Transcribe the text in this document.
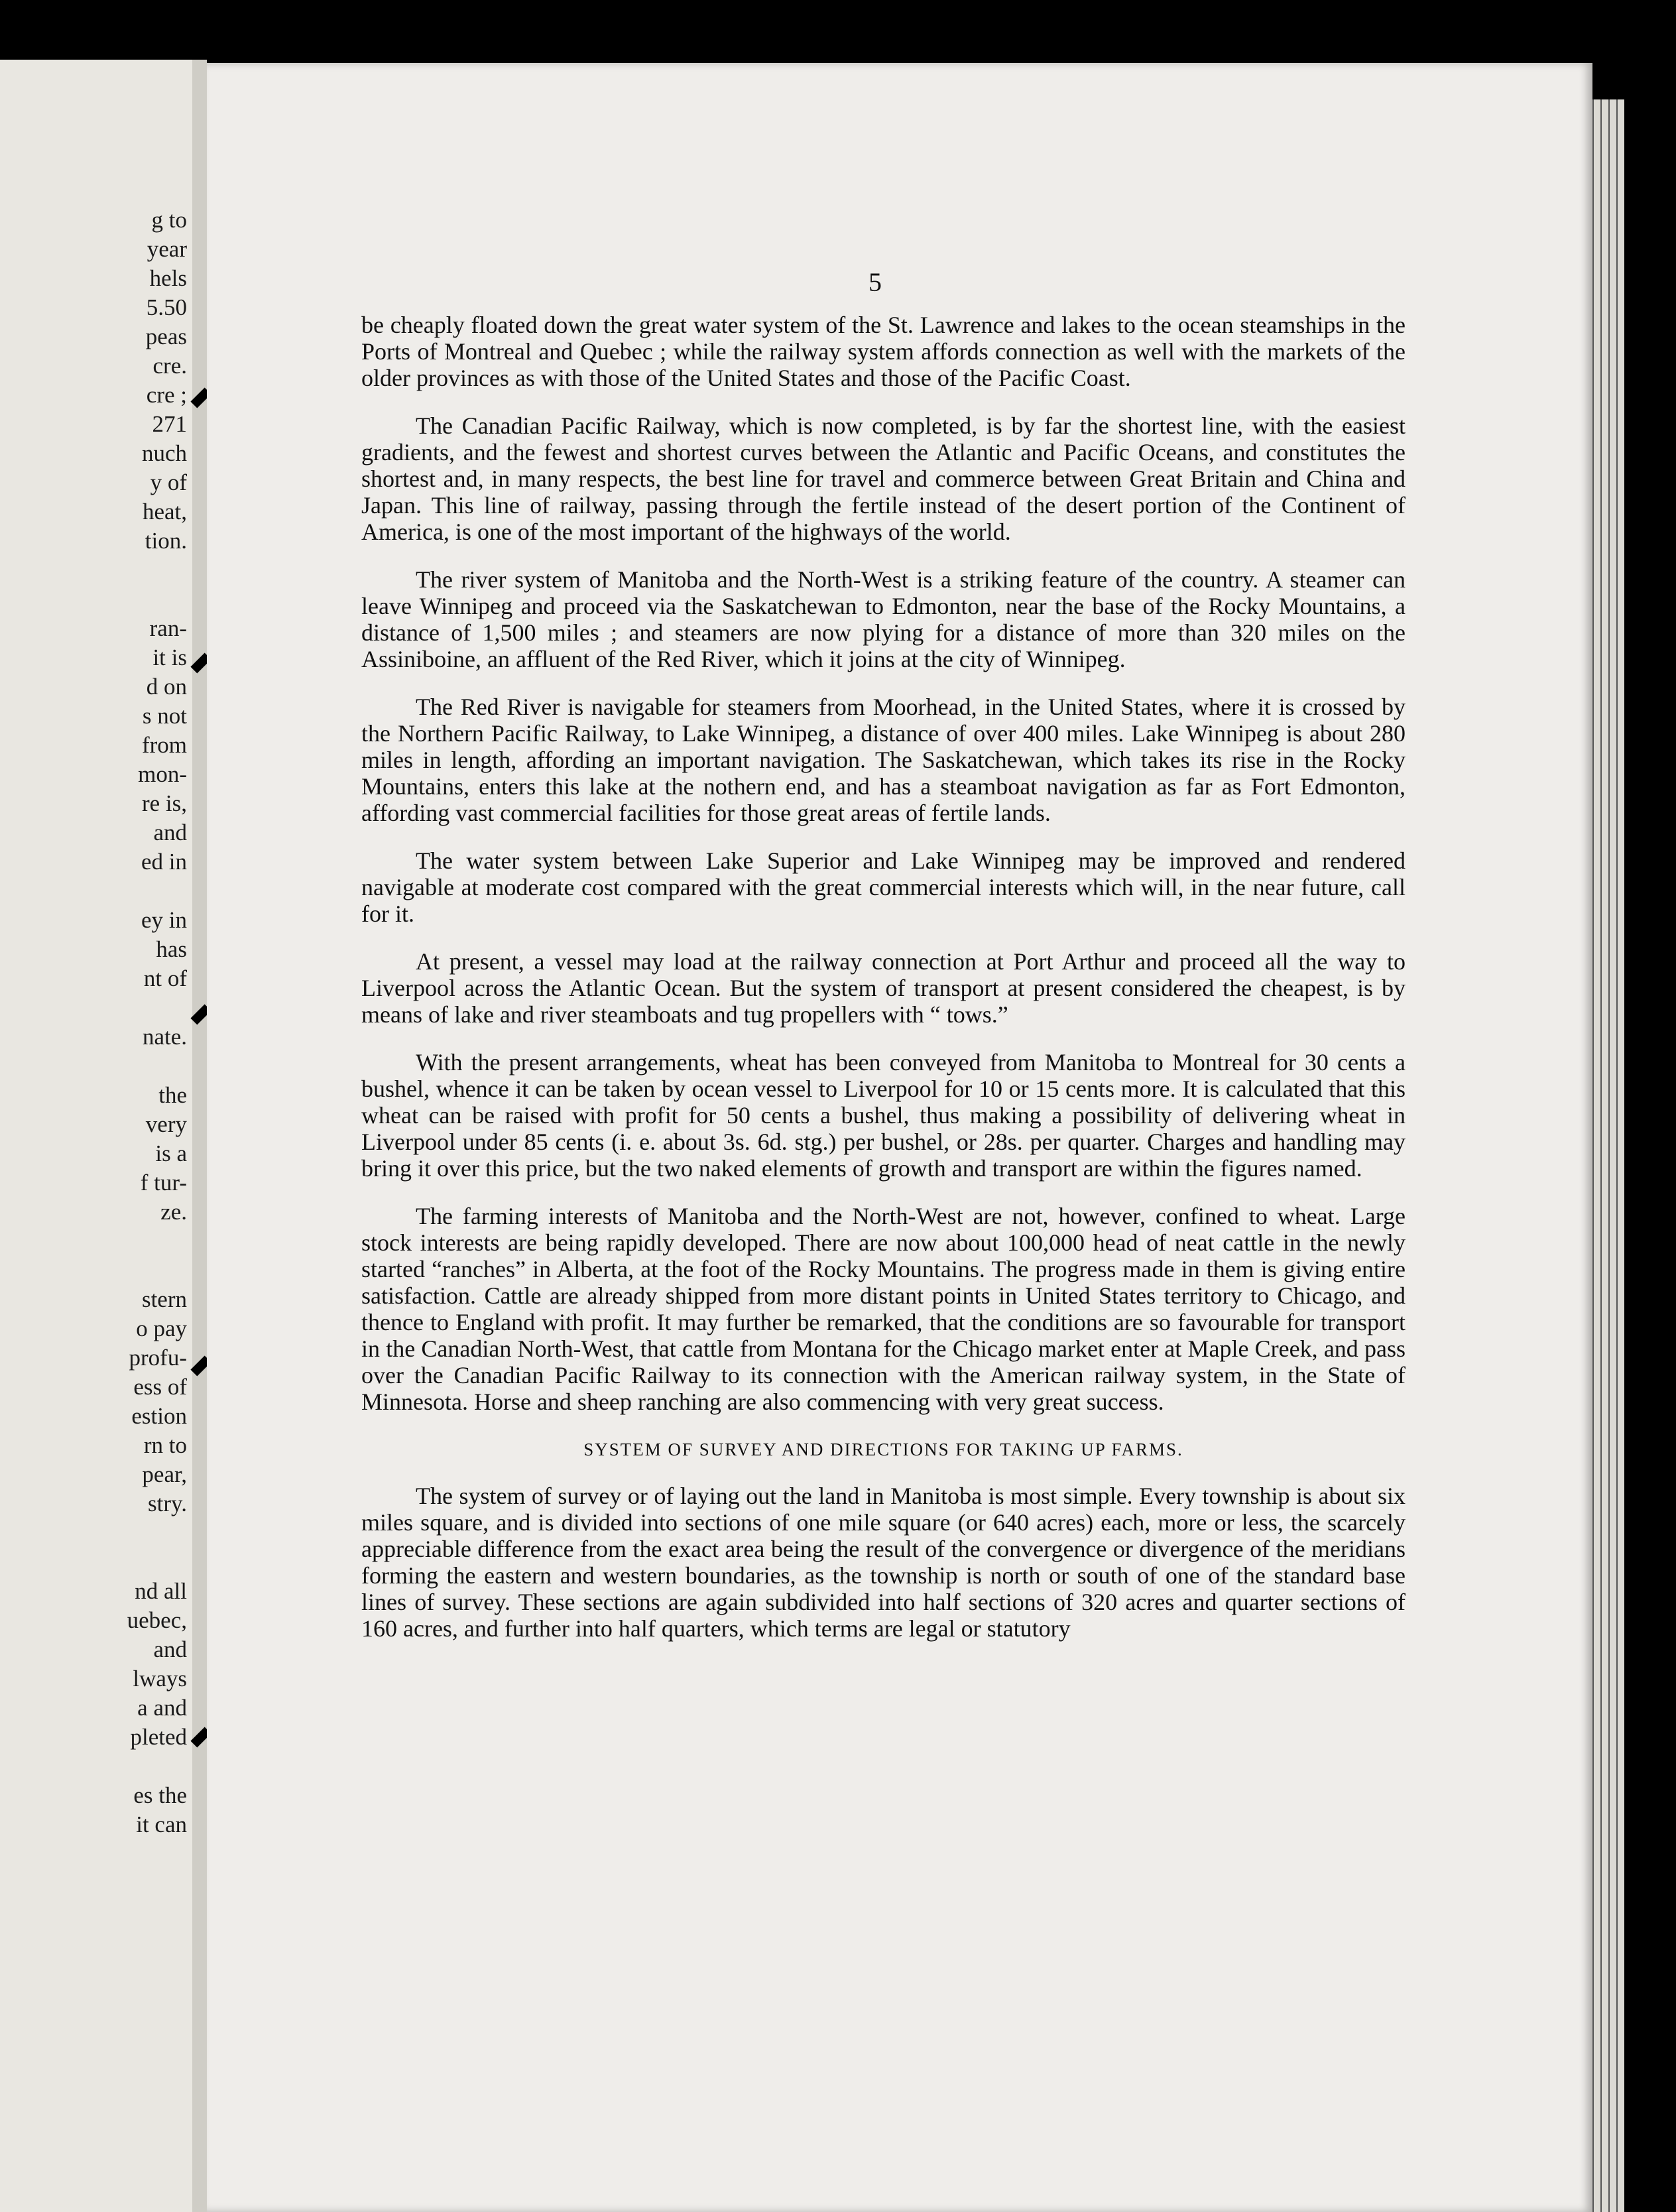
g to
year
hels
5.50
peas
cre.
cre ;
271
nuch
y of
heat,
tion.
ran-
it is
d on
s not
from
mon-
re is,
and
ed in
ey in
has
nt of
nate.
the
very
is a
f tur-
ze.
stern
o pay
profu-
ess of
estion
rn to
pear,
stry.
nd all
uebec,
and
lways
a and
pleted
es the
it can
5

be cheaply floated down the great water system of the St. Lawrence and lakes to the ocean steamships in the Ports of Montreal and Quebec ; while the railway system affords connection as well with the markets of the older provinces as with those of the United States and those of the Pacific Coast.

The Canadian Pacific Railway, which is now completed, is by far the shortest line, with the easiest gradients, and the fewest and shortest curves between the Atlantic and Pacific Oceans, and constitutes the shortest and, in many respects, the best line for travel and commerce between Great Britain and China and Japan. This line of railway, passing through the fertile instead of the desert portion of the Continent of America, is one of the most important of the highways of the world.

The river system of Manitoba and the North-West is a striking feature of the country. A steamer can leave Winnipeg and proceed via the Saskatchewan to Edmonton, near the base of the Rocky Mountains, a distance of 1,500 miles ; and steamers are now plying for a distance of more than 320 miles on the Assiniboine, an affluent of the Red River, which it joins at the city of Winnipeg.

The Red River is navigable for steamers from Moorhead, in the United States, where it is crossed by the Northern Pacific Railway, to Lake Winnipeg, a distance of over 400 miles. Lake Winnipeg is about 280 miles in length, affording an important navigation. The Saskatchewan, which takes its rise in the Rocky Mountains, enters this lake at the nothern end, and has a steamboat navigation as far as Fort Edmonton, affording vast commercial facilities for those great areas of fertile lands.

The water system between Lake Superior and Lake Winnipeg may be improved and rendered navigable at moderate cost compared with the great commercial interests which will, in the near future, call for it.

At present, a vessel may load at the railway connection at Port Arthur and proceed all the way to Liverpool across the Atlantic Ocean. But the system of transport at present considered the cheapest, is by means of lake and river steamboats and tug propellers with “ tows.”

With the present arrangements, wheat has been conveyed from Manitoba to Montreal for 30 cents a bushel, whence it can be taken by ocean vessel to Liverpool for 10 or 15 cents more. It is calculated that this wheat can be raised with profit for 50 cents a bushel, thus making a possibility of delivering wheat in Liverpool under 85 cents (i. e. about 3s. 6d. stg.) per bushel, or 28s. per quarter. Charges and handling may bring it over this price, but the two naked elements of growth and transport are within the figures named.

The farming interests of Manitoba and the North-West are not, however, confined to wheat. Large stock interests are being rapidly developed. There are now about 100,000 head of neat cattle in the newly started “ranches” in Alberta, at the foot of the Rocky Mountains. The progress made in them is giving entire satisfaction. Cattle are already shipped from more distant points in United States territory to Chicago, and thence to England with profit. It may further be remarked, that the conditions are so favourable for transport in the Canadian North-West, that cattle from Montana for the Chicago market enter at Maple Creek, and pass over the Canadian Pacific Railway to its connection with the American railway system, in the State of Minnesota. Horse and sheep ranching are also commencing with very great success.

SYSTEM OF SURVEY AND DIRECTIONS FOR TAKING UP FARMS.

The system of survey or of laying out the land in Manitoba is most simple. Every township is about six miles square, and is divided into sections of one mile square (or 640 acres) each, more or less, the scarcely appreciable difference from the exact area being the result of the convergence or divergence of the meridians forming the eastern and western boundaries, as the township is north or south of one of the standard base lines of survey. These sections are again subdivided into half sections of 320 acres and quarter sections of 160 acres, and further into half quarters, which terms are legal or statutory
